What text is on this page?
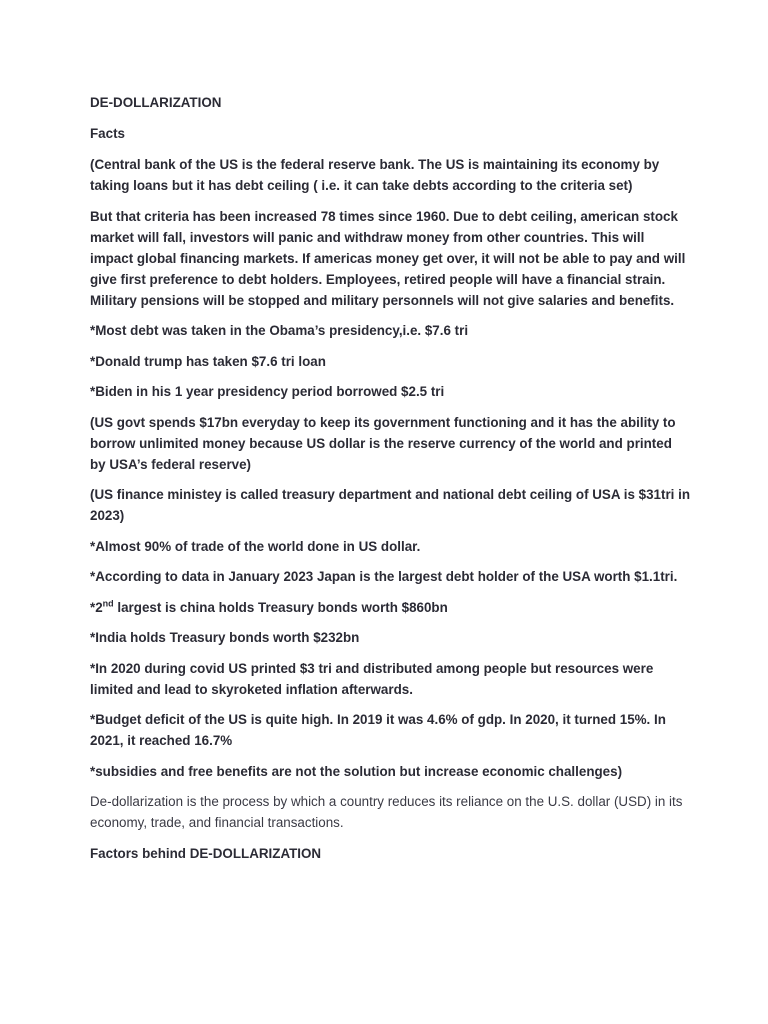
DE-DOLLARIZATION

Facts

(Central bank of the US is the federal reserve bank. The US is maintaining its economy by taking loans but it has debt ceiling ( i.e. it can take debts according to the criteria set)

But that criteria has been increased 78 times since 1960. Due to debt ceiling, american stock market will fall, investors will panic and withdraw money from other countries. This will impact global financing markets. If americas money get over, it will not be able to pay and will give first preference to debt holders. Employees, retired people will have a financial strain. Military pensions will be stopped and military personnels will not give salaries and benefits.

*Most debt was taken in the Obama’s presidency,i.e. $7.6 tri

*Donald trump has taken $7.6 tri loan

*Biden in his 1 year presidency period borrowed $2.5 tri

(US govt spends $17bn everyday to keep its government functioning and it has the ability to borrow unlimited money because US dollar is the reserve currency of the world and printed by USA’s federal reserve)

(US finance ministey is called treasury department and national debt ceiling of USA is $31tri in 2023)

*Almost 90% of trade of the world done in US dollar.

*According to data in January 2023 Japan is the largest debt holder of the USA worth $1.1tri.

*2nd largest is china holds Treasury bonds worth $860bn

*India holds Treasury bonds worth $232bn

*In 2020 during covid US printed $3 tri and distributed among people but resources were limited and lead to skyroketed inflation afterwards.

*Budget deficit of the US is quite high. In 2019 it was 4.6% of gdp. In 2020, it turned 15%. In 2021, it reached 16.7%

*subsidies and free benefits are not the solution but increase economic challenges)

De-dollarization is the process by which a country reduces its reliance on the U.S. dollar (USD) in its economy, trade, and financial transactions.

Factors behind DE-DOLLARIZATION
